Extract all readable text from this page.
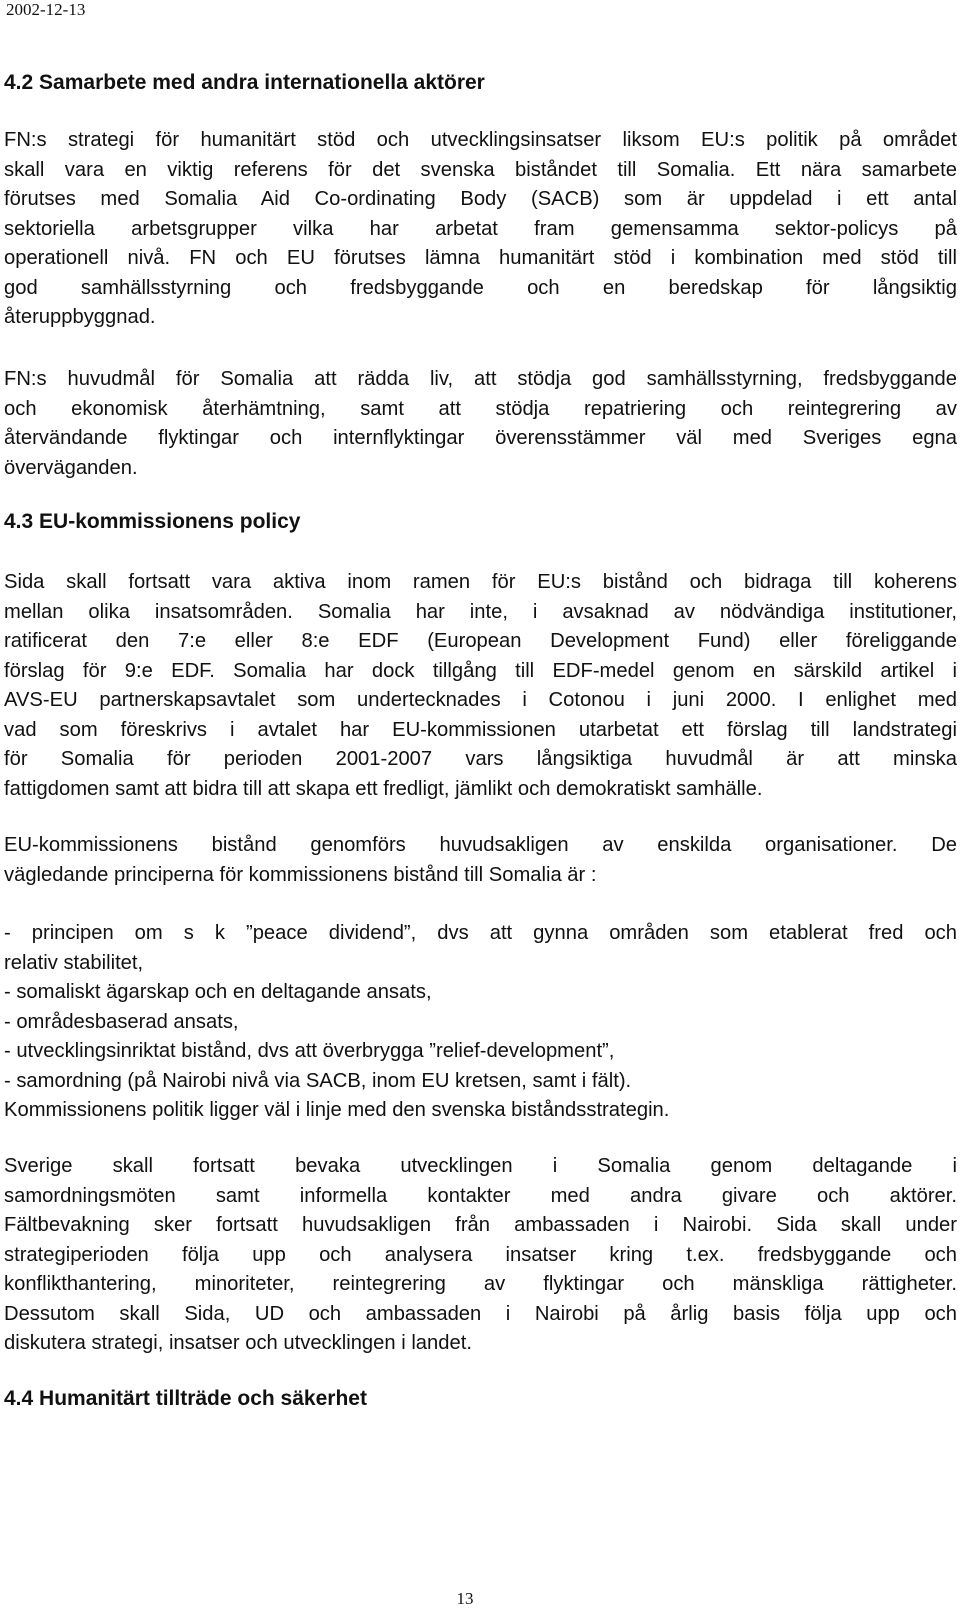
2002-12-13
4.2 Samarbete med andra internationella aktörer
FN:s strategi för humanitärt stöd och utvecklingsinsatser liksom EU:s politik på området
skall vara en viktig referens för det svenska biståndet till Somalia. Ett nära samarbete
förutses med Somalia Aid Co-ordinating Body (SACB) som är uppdelad i ett antal
sektoriella arbetsgrupper vilka har arbetat fram gemensamma sektor-policys på
operationell nivå. FN och EU förutses lämna humanitärt stöd i kombination med stöd till
god samhällsstyrning och fredsbyggande och en beredskap för långsiktig
återuppbyggnad.
FN:s huvudmål för Somalia att rädda liv, att stödja god samhällsstyrning, fredsbyggande
och ekonomisk återhämtning, samt att stödja repatriering och reintegrering av
återvändande flyktingar och internflyktingar överensstämmer väl med Sveriges egna
överväganden.
4.3 EU-kommissionens policy
Sida skall fortsatt vara aktiva inom ramen för EU:s bistånd och bidraga till koherens
mellan olika insatsområden. Somalia har inte, i avsaknad av nödvändiga institutioner,
ratificerat den 7:e eller 8:e EDF (European Development Fund) eller föreliggande
förslag för 9:e EDF. Somalia har dock tillgång till EDF-medel genom en särskild artikel i
AVS-EU partnerskapsavtalet som undertecknades i Cotonou i juni 2000. I enlighet med
vad som föreskrivs i avtalet har EU-kommissionen utarbetat ett förslag till landstrategi
för Somalia för perioden 2001-2007 vars långsiktiga huvudmål är att minska
fattigdomen samt att bidra till att skapa ett fredligt, jämlikt och demokratiskt samhälle.
EU-kommissionens bistånd genomförs huvudsakligen av enskilda organisationer. De
vägledande principerna för kommissionens bistånd till Somalia är :
- principen om s k ”peace dividend”, dvs att gynna områden som etablerat fred och
relativ stabilitet,
- somaliskt ägarskap och en deltagande ansats,
- områdesbaserad ansats,
- utvecklingsinriktat bistånd, dvs att överbrygga ”relief-development”,
- samordning (på Nairobi nivå via SACB, inom EU kretsen, samt i fält).
Kommissionens politik ligger väl i linje med den svenska biståndsstrategin.
Sverige skall fortsatt bevaka utvecklingen i Somalia genom deltagande i
samordningsmöten samt informella kontakter med andra givare och aktörer.
Fältbevakning sker fortsatt huvudsakligen från ambassaden i Nairobi. Sida skall under
strategiperioden följa upp och analysera insatser kring t.ex. fredsbyggande och
konflikthantering, minoriteter, reintegrering av flyktingar och mänskliga rättigheter.
Dessutom skall Sida, UD och ambassaden i Nairobi på årlig basis följa upp och
diskutera strategi, insatser och utvecklingen i landet.
4.4 Humanitärt tillträde och säkerhet
13
